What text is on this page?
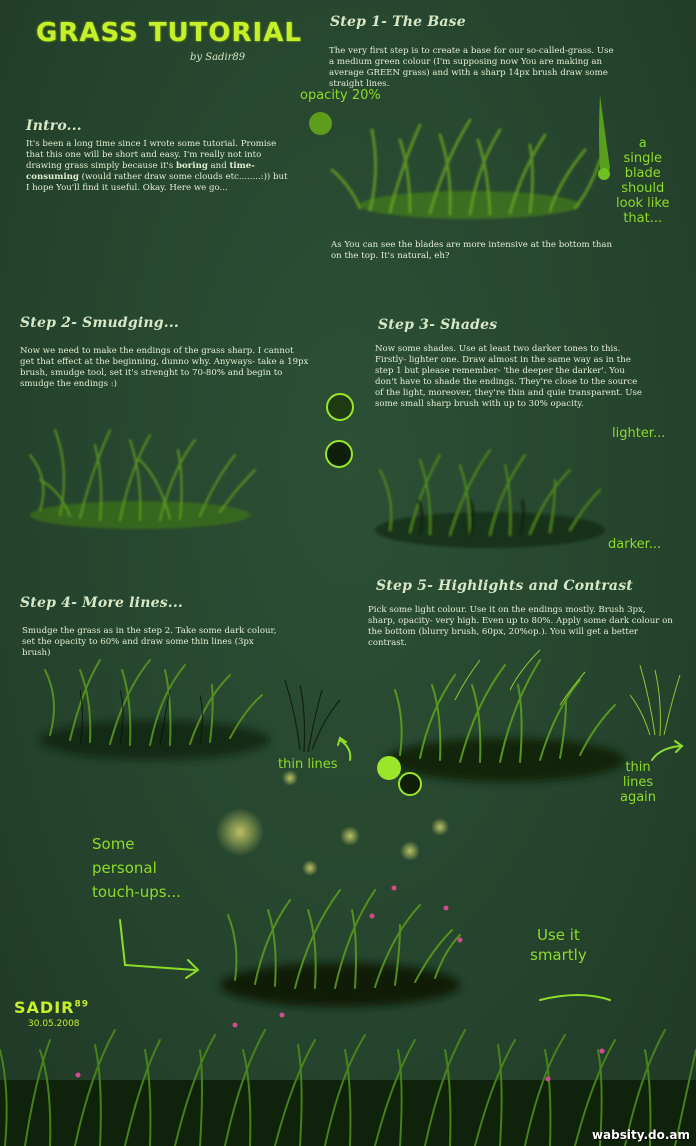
GRASS TUTORIAL

by Sadir89

Intro...

It's been a long time since I wrote some tutorial. Promise that this one will be short and easy. I'm really not into drawing grass simply because it's boring and time-consuming (would rather draw some clouds etc........:)) but I hope You'll find it useful. Okay. Here we go...

Step 1- The Base

The very first step is to create a base for our so-called-grass. Use a medium green colour (I'm supposing now You are making an average GREEN grass) and with a sharp 14px brush draw some straight lines.

opacity 20%

a
single
blade
should
look like
that...

As You can see the blades are more intensive at the bottom than on the top. It's natural, eh?

Step 2- Smudging...

Now we need to make the endings of the grass sharp. I cannot get that effect at the beginning, dunno why. Anyways- take a 19px brush, smudge tool, set it's strenght to 70-80% and begin to smudge the endings :)

Step 3- Shades

Now some shades. Use at least two darker tones to this. Firstly- lighter one. Draw almost in the same way as in the step 1 but please remember- 'the deeper the darker'. You don't have to shade the endings. They're close to the source of the light, moreover, they're thin and quie transparent. Use some small sharp brush with up to 30% opacity.

lighter...

darker...

Step 4- More lines...

Smudge the grass as in the step 2. Take some dark colour, set the opacity to 60% and draw some thin lines (3px brush)

thin lines

Step 5- Highlights and Contrast

Pick some light colour. Use it on the endings mostly. Brush 3px, sharp, opacity- very high. Even up to 80%. Apply some dark colour on the bottom (blurry brush, 60px, 20%op.). You will get a better contrast.

thin
lines
again

Some
personal
touch-ups...

Use it
smartly

SADIR$^{89}$

30.05.2008

wabsity.do.am
